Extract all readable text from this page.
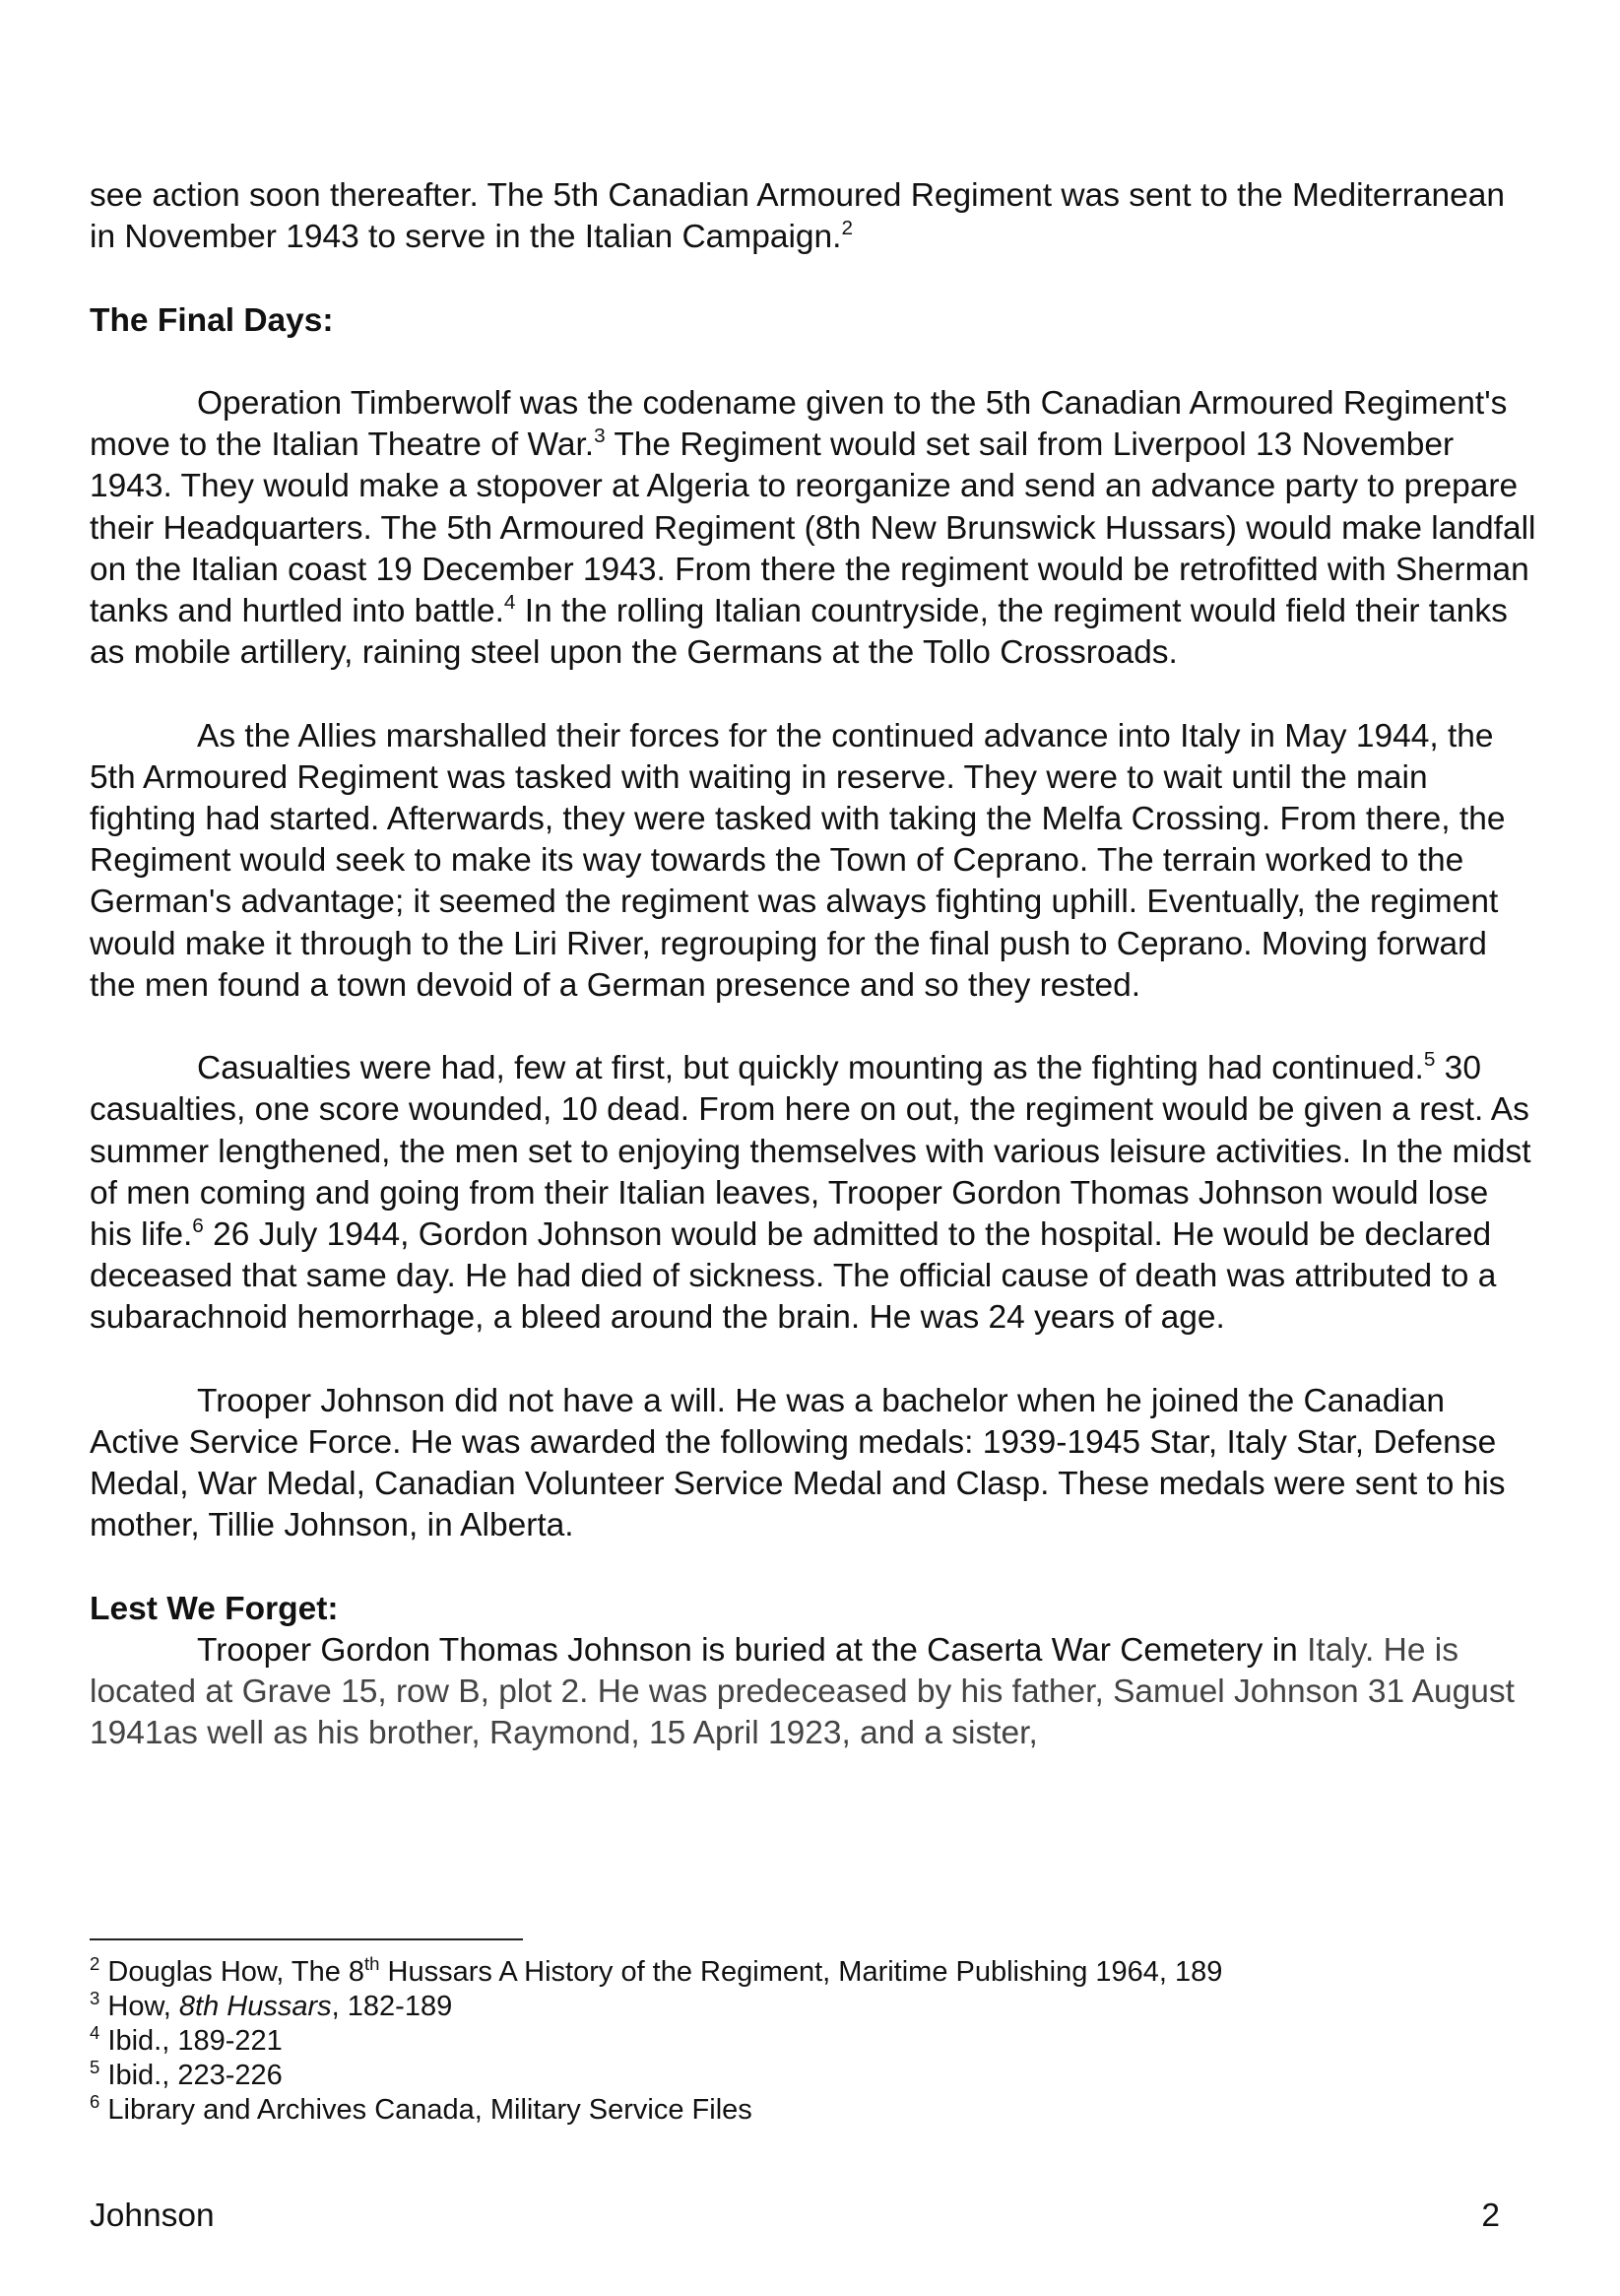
see action soon thereafter. The 5th Canadian Armoured Regiment was sent to the Mediterranean in November 1943 to serve in the Italian Campaign.$^2$

The Final Days:

Operation Timberwolf was the codename given to the 5th Canadian Armoured Regiment's move to the Italian Theatre of War.$^3$ The Regiment would set sail from Liverpool 13 November 1943. They would make a stopover at Algeria to reorganize and send an advance party to prepare their Headquarters. The 5th Armoured Regiment (8th New Brunswick Hussars) would make landfall on the Italian coast 19 December 1943. From there the regiment would be retrofitted with Sherman tanks and hurtled into battle.$^4$ In the rolling Italian countryside, the regiment would field their tanks as mobile artillery, raining steel upon the Germans at the Tollo Crossroads.

As the Allies marshalled their forces for the continued advance into Italy in May 1944, the 5th Armoured Regiment was tasked with waiting in reserve. They were to wait until the main fighting had started. Afterwards, they were tasked with taking the Melfa Crossing. From there, the Regiment would seek to make its way towards the Town of Ceprano. The terrain worked to the German's advantage; it seemed the regiment was always fighting uphill. Eventually, the regiment would make it through to the Liri River, regrouping for the final push to Ceprano. Moving forward the men found a town devoid of a German presence and so they rested.

Casualties were had, few at first, but quickly mounting as the fighting had continued.$^5$ 30 casualties, one score wounded, 10 dead. From here on out, the regiment would be given a rest. As summer lengthened, the men set to enjoying themselves with various leisure activities. In the midst of men coming and going from their Italian leaves, Trooper Gordon Thomas Johnson would lose his life.$^6$ 26 July 1944, Gordon Johnson would be admitted to the hospital. He would be declared deceased that same day. He had died of sickness. The official cause of death was attributed to a subarachnoid hemorrhage, a bleed around the brain. He was 24 years of age.

Trooper Johnson did not have a will. He was a bachelor when he joined the Canadian Active Service Force. He was awarded the following medals: 1939-1945 Star, Italy Star, Defense Medal, War Medal, Canadian Volunteer Service Medal and Clasp. These medals were sent to his mother, Tillie Johnson, in Alberta.

Lest We Forget:

Trooper Gordon Thomas Johnson is buried at the Caserta War Cemetery in Italy. He is located at Grave 15, row B, plot 2. He was predeceased by his father, Samuel Johnson 31 August 1941as well as his brother, Raymond, 15 April 1923, and a sister,

$^2$ Douglas How, The 8th Hussars A History of the Regiment, Maritime Publishing 1964, 189
$^3$ How, 8th Hussars, 182-189
$^4$ Ibid., 189-221
$^5$ Ibid., 223-226
$^6$ Library and Archives Canada, Military Service Files
Johnson	2
